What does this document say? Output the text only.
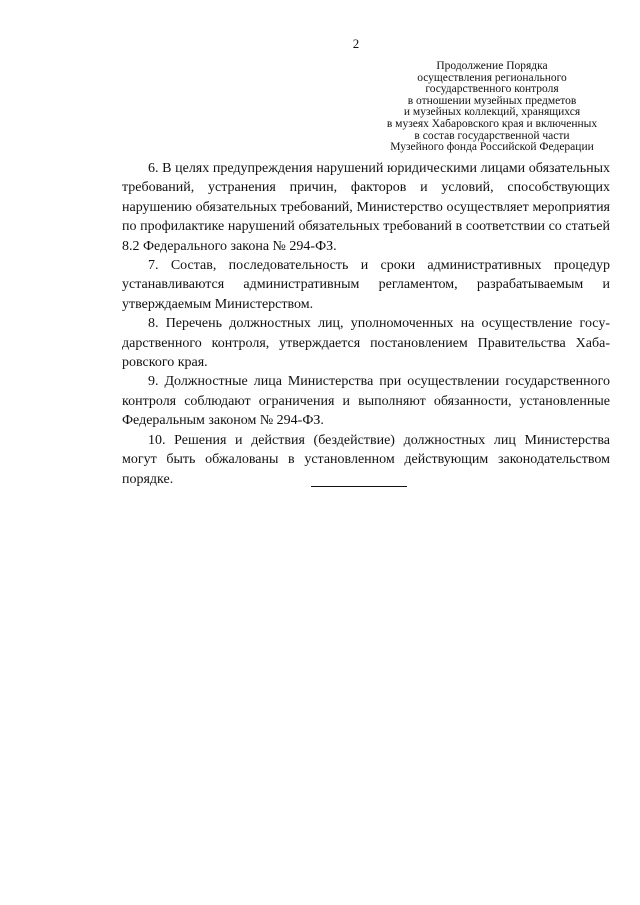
2
Продолжение Порядка
осуществления регионального
государственного контроля
в отношении музейных предметов
и музейных коллекций, хранящихся
в музеях Хабаровского края и включенных
в состав государственной части
Музейного фонда Российской Федерации

6. В целях предупреждения нарушений юридическими лицами обязательных требований, устранения причин, факторов и условий, способствующих нарушению обязательных требований, Министерство осуществляет мероприятия по профилактике нарушений обязательных требований в соответствии со статьей 8.2 Федерального закона № 294-ФЗ.

7. Состав, последовательность и сроки административных процедур устанавливаются административным регламентом, разрабатываемым и утверждаемым Министерством.

8. Перечень должностных лиц, уполномоченных на осуществление государственного контроля, утверждается постановлением Правительства Хабаровского края.

9. Должностные лица Министерства при осуществлении государственного контроля соблюдают ограничения и выполняют обязанности, установленные Федеральным законом № 294-ФЗ.

10. Решения и действия (бездействие) должностных лиц Министерства могут быть обжалованы в установленном действующим законодательством порядке.
